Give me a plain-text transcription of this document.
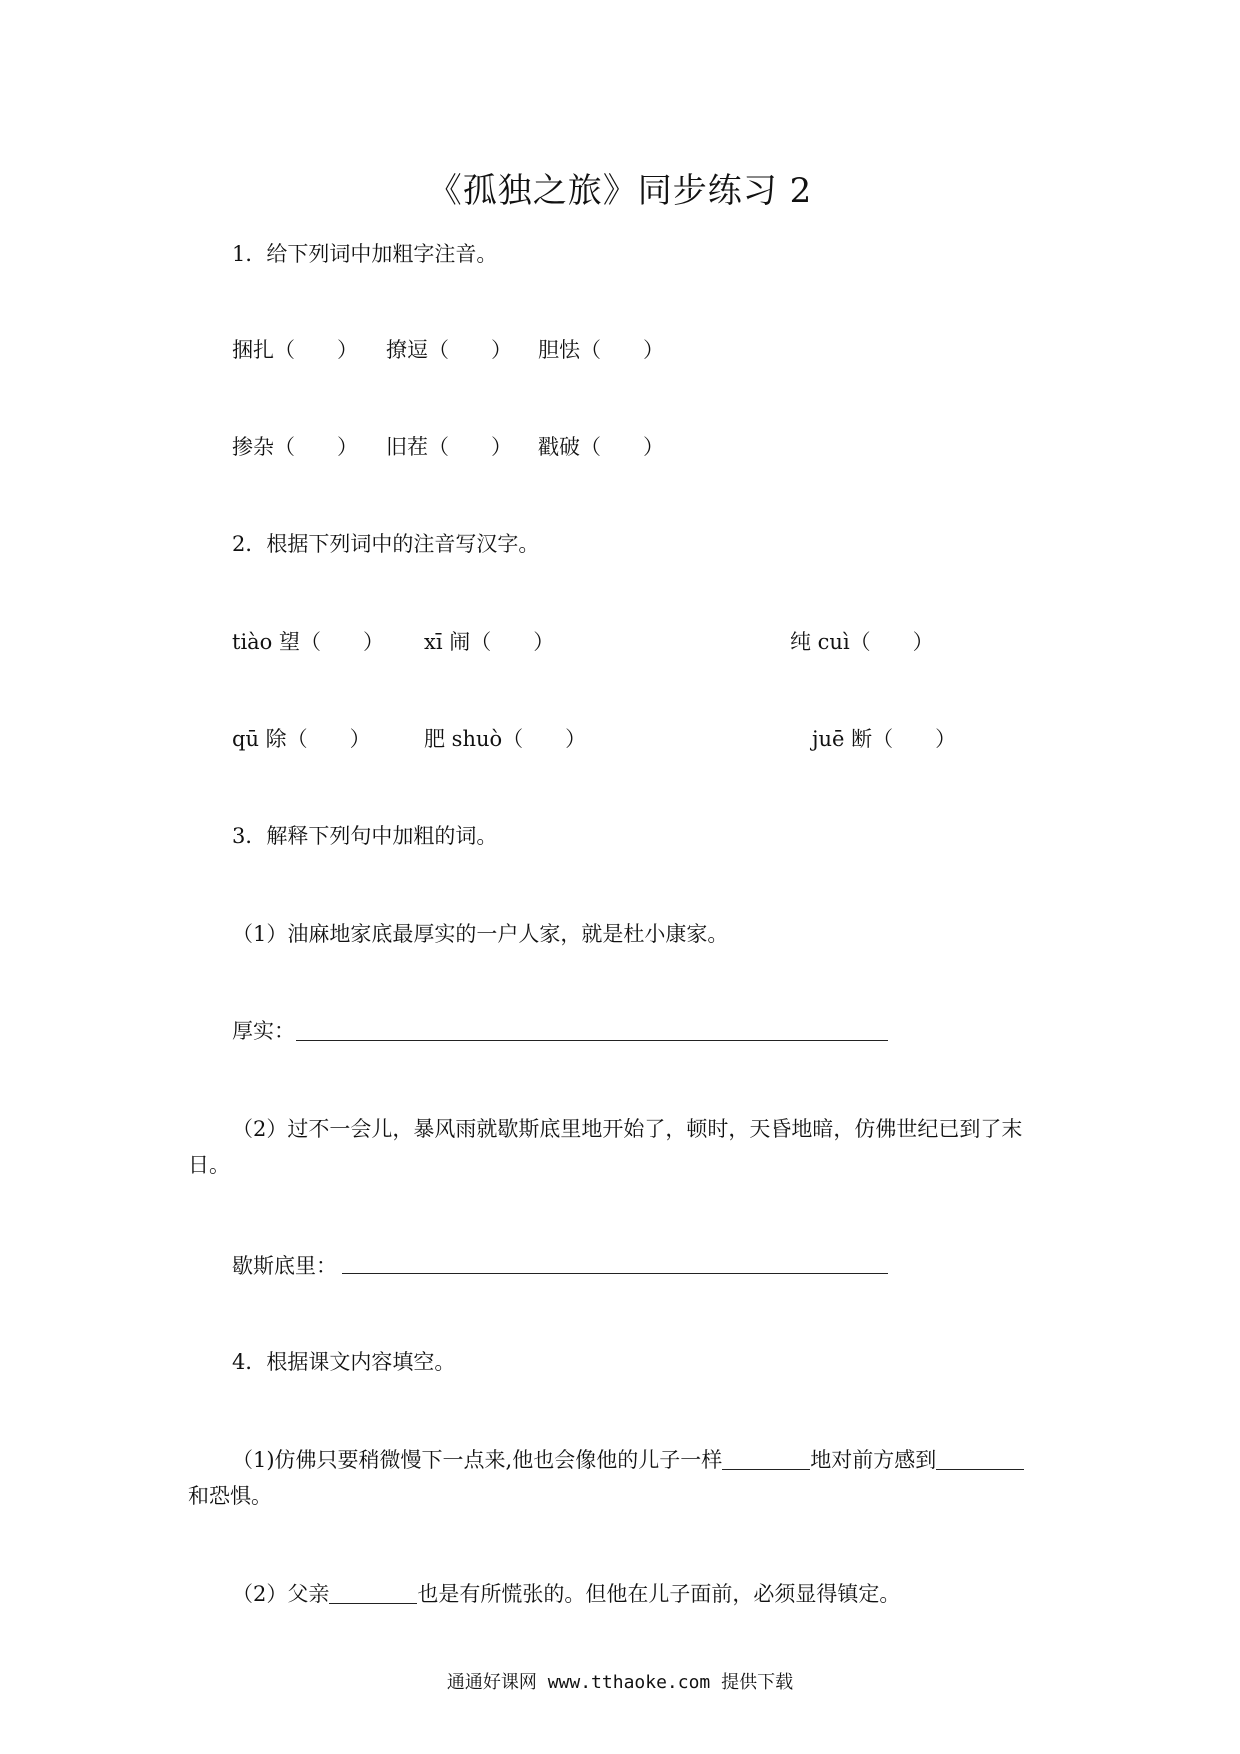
《孤独之旅》同步练习 2
1．给下列词中加粗字注音。
捆扎（　　） 撩逗（　　） 胆怯（　　）
掺杂（　　） 旧茬（　　） 戳破（　　）
2．根据下列词中的注音写汉字。
tiào 望（　　） xī 闹（　　）	纯 cuì（　　）
qū 除（　　）	肥 shuò（　　）	juē 断（　　）
3．解释下列句中加粗的词。
（1）油麻地家底最厚实的一户人家，就是杜小康家。
厚实：
（2）过不一会儿，暴风雨就歇斯底里地开始了，顿时，天昏地暗，仿佛世纪已到了末
日。
歇斯底里：
4．根据课文内容填空。
（1)仿佛只要稍微慢下一点来,他也会像他的儿子一样	地对前方感到
和恐惧。
（2）父亲	也是有所慌张的。但他在儿子面前，必须显得镇定。
通通好课网 www.tthaoke.com 提供下载
